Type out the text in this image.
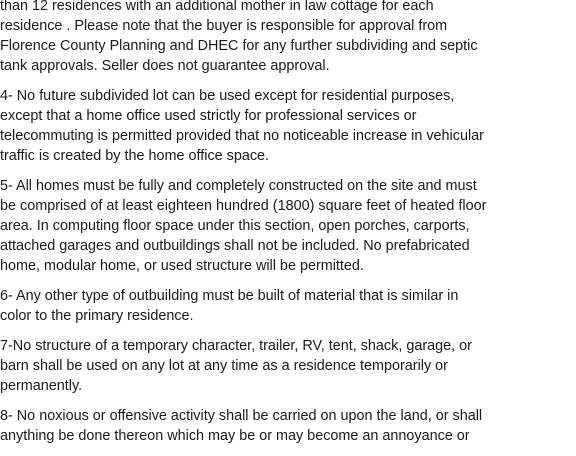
than 12 residences with an additional mother in law cottage for each
residence . Please note that the buyer is responsible for approval from
Florence County Planning and DHEC for any further subdividing and septic
tank approvals. Seller does not guarantee approval.

4- No future subdivided lot can be used except for residential purposes,
except that a home office used strictly for professional services or
telecommuting is permitted provided that no noticeable increase in vehicular
traffic is created by the home office space.

5- All homes must be fully and completely constructed on the site and must
be comprised of at least eighteen hundred (1800) square feet of heated floor
area. In computing floor space under this section, open porches, carports,
attached garages and outbuildings shall not be included. No prefabricated
home, modular home, or used structure will be permitted.

6- Any other type of outbuilding must be built of material that is similar in
color to the primary residence.

7-No structure of a temporary character, trailer, RV, tent, shack, garage, or
barn shall be used on any lot at any time as a residence temporarily or
permanently.

8- No noxious or offensive activity shall be carried on upon the land, or shall
anything be done thereon which may be or may become an annoyance or
